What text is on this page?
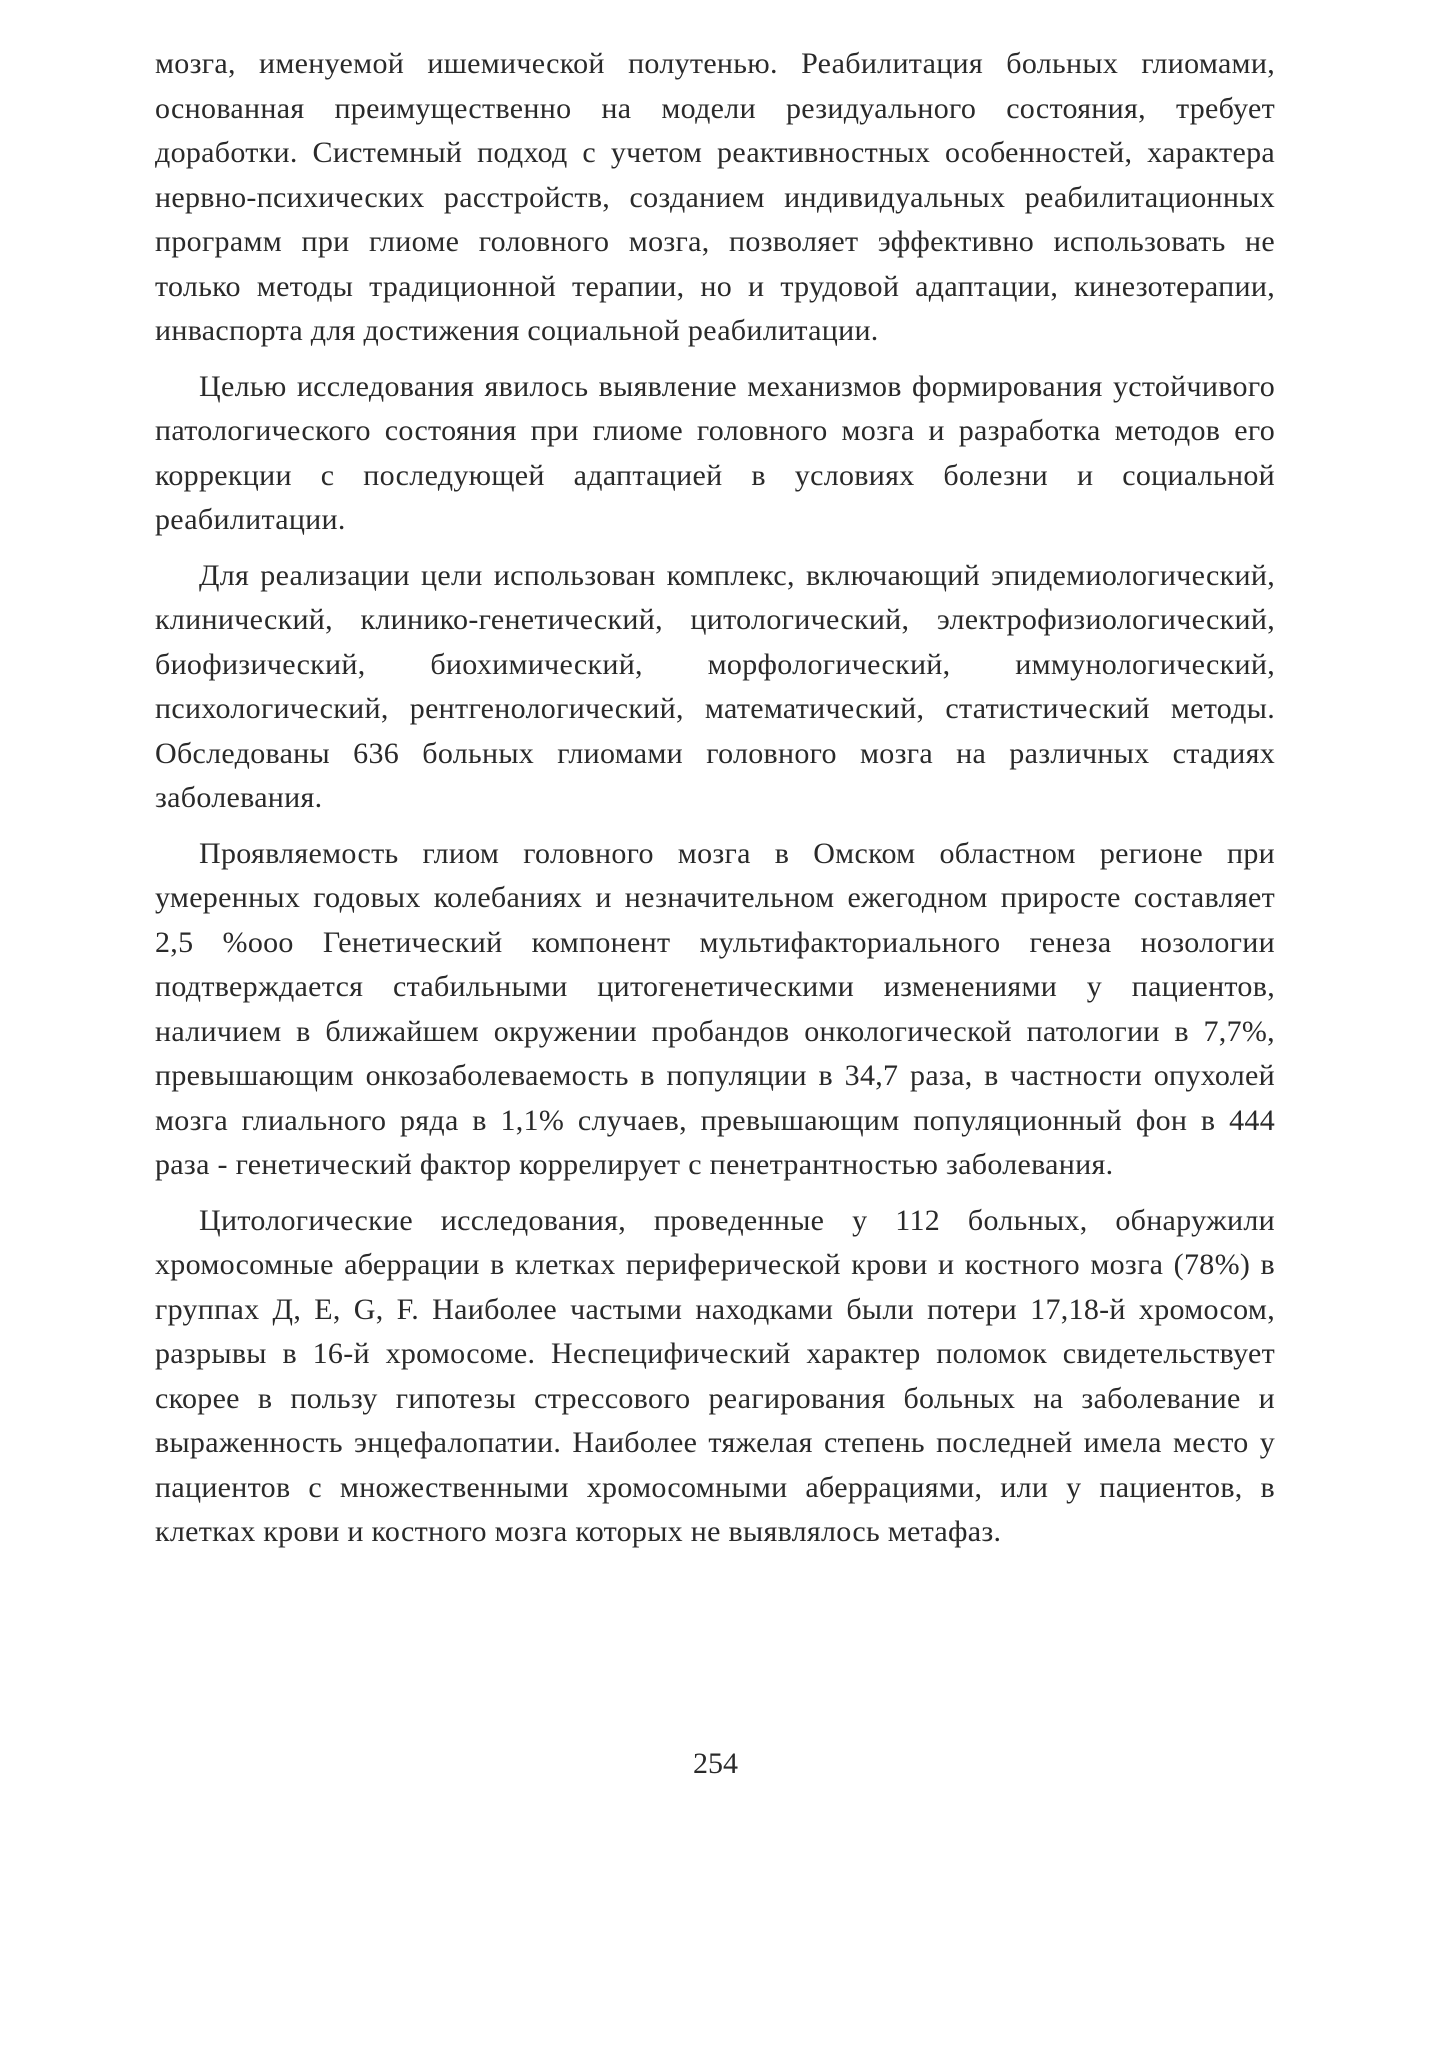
мозга, именуемой ишемической полутенью. Реабилитация больных глиомами, основанная преимущественно на модели резидуального состояния, требует доработки. Системный подход с учетом реактивностных особенностей, характера нервно-психических расстройств, созданием индивидуальных реабилитационных программ при глиоме головного мозга, позволяет эффективно использовать не только методы традиционной терапии, но и трудовой адаптации, кинезотерапии, инваспорта для достижения социальной реабилитации.

Целью исследования явилось выявление механизмов формирования устойчивого патологического состояния при глиоме головного мозга и разработка методов его коррекции с последующей адаптацией в условиях болезни и социальной реабилитации.

Для реализации цели использован комплекс, включающий эпидемиологический, клинический, клинико-генетический, цитологический, электрофизиологический, биофизический, биохимический, морфологический, иммунологический, психологический, рентгенологический, математический, статистический методы. Обследованы 636 больных глиомами головного мозга на различных стадиях заболевания.

Проявляемость глиом головного мозга в Омском областном регионе при умеренных годовых колебаниях и незначительном ежегодном приросте составляет 2,5 %ооо Генетический компонент мультифакториального генеза нозологии подтверждается стабильными цитогенетическими изменениями у пациентов, наличием в ближайшем окружении пробандов онкологической патологии в 7,7%, превышающим онкозаболеваемость в популяции в 34,7 раза, в частности опухолей мозга глиального ряда в 1,1% случаев, превышающим популяционный фон в 444 раза - генетический фактор коррелирует с пенетрантностью заболевания.

Цитологические исследования, проведенные у 112 больных, обнаружили хромосомные аберрации в клетках периферической крови и костного мозга (78%) в группах Д, Е, G, F. Наиболее частыми находками были потери 17,18-й хромосом, разрывы в 16-й хромосоме. Неспецифический характер поломок свидетельствует скорее в пользу гипотезы стрессового реагирования больных на заболевание и выраженность энцефалопатии. Наиболее тяжелая степень последней имела место у пациентов с множественными хромосомными аберрациями, или у пациентов, в клетках крови и костного мозга которых не выявлялось метафаз.

254
